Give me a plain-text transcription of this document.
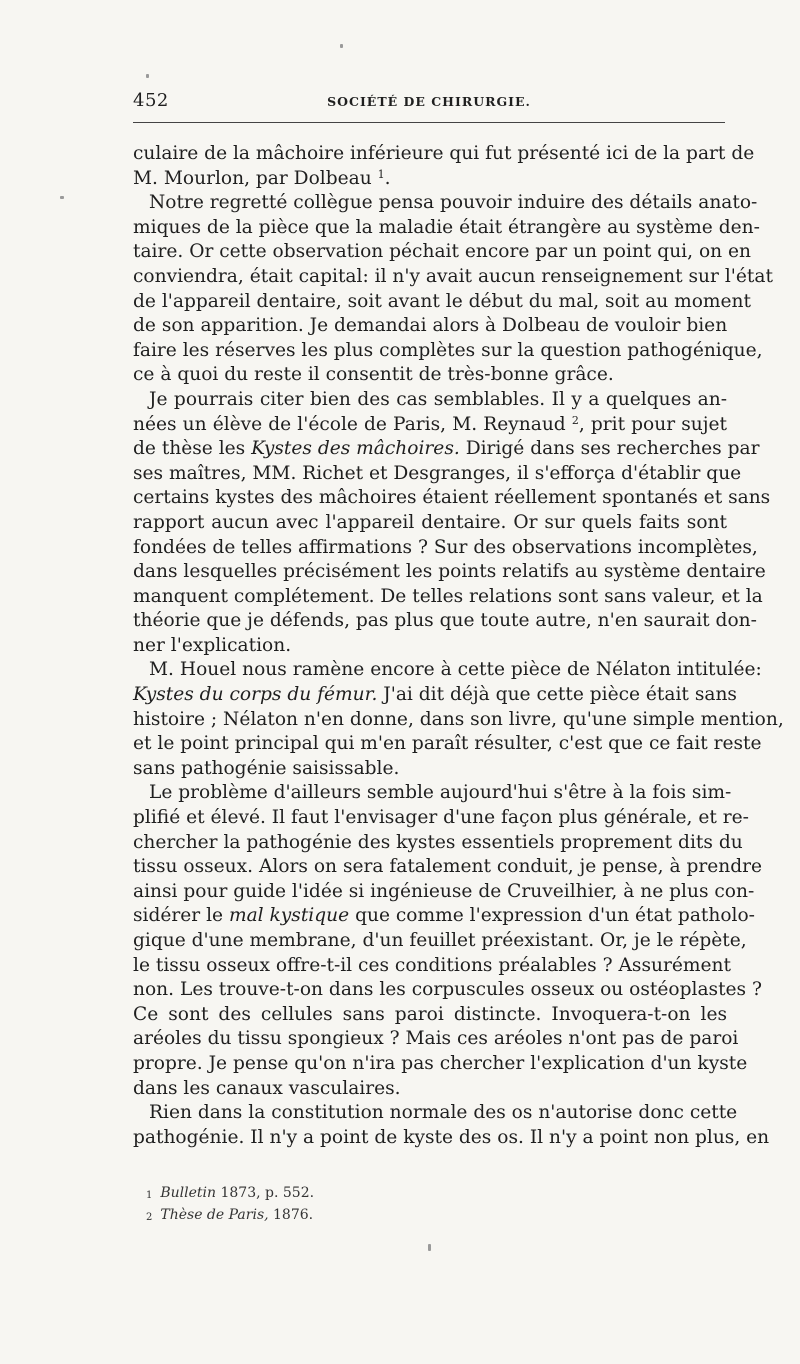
452	SOCIÉTÉ DE CHIRURGIE.
culaire de la mâchoire inférieure qui fut présenté ici de la part de
M. Mourlon, par Dolbeau $^1$.
Notre regretté collègue pensa pouvoir induire des détails anato-
miques de la pièce que la maladie était étrangère au système den-
taire. Or cette observation péchait encore par un point qui, on en
conviendra, était capital: il n'y avait aucun renseignement sur l'état
de l'appareil dentaire, soit avant le début du mal, soit au moment
de son apparition. Je demandai alors à Dolbeau de vouloir bien
faire les réserves les plus complètes sur la question pathogénique,
ce à quoi du reste il consentit de très-bonne grâce.
Je pourrais citer bien des cas semblables. Il y a quelques an-
nées un élève de l'école de Paris, M. Reynaud $^2$, prit pour sujet
de thèse les Kystes des mâchoires. Dirigé dans ses recherches par
ses maîtres, MM. Richet et Desgranges, il s'efforça d'établir que
certains kystes des mâchoires étaient réellement spontanés et sans
rapport aucun avec l'appareil dentaire. Or sur quels faits sont
fondées de telles affirmations ? Sur des observations incomplètes,
dans lesquelles précisément les points relatifs au système dentaire
manquent complétement. De telles relations sont sans valeur, et la
théorie que je défends, pas plus que toute autre, n'en saurait don-
ner l'explication.
M. Houel nous ramène encore à cette pièce de Nélaton intitulée:
Kystes du corps du fémur. J'ai dit déjà que cette pièce était sans
histoire ; Nélaton n'en donne, dans son livre, qu'une simple mention,
et le point principal qui m'en paraît résulter, c'est que ce fait reste
sans pathogénie saisissable.
Le problème d'ailleurs semble aujourd'hui s'être à la fois sim-
plifié et élevé. Il faut l'envisager d'une façon plus générale, et re-
chercher la pathogénie des kystes essentiels proprement dits du
tissu osseux. Alors on sera fatalement conduit, je pense, à prendre
ainsi pour guide l'idée si ingénieuse de Cruveilhier, à ne plus con-
sidérer le mal kystique que comme l'expression d'un état patholo-
gique d'une membrane, d'un feuillet préexistant. Or, je le répète,
le tissu osseux offre-t-il ces conditions préalables ? Assurément
non. Les trouve-t-on dans les corpuscules osseux ou ostéoplastes ?
Ce sont des cellules sans paroi distincte. Invoquera-t-on les
aréoles du tissu spongieux ? Mais ces aréoles n'ont pas de paroi
propre. Je pense qu'on n'ira pas chercher l'explication d'un kyste
dans les canaux vasculaires.
Rien dans la constitution normale des os n'autorise donc cette
pathogénie. Il n'y a point de kyste des os. Il n'y a point non plus, en
$^1$ Bulletin 1873, p. 552.
$^2$ Thèse de Paris, 1876.
